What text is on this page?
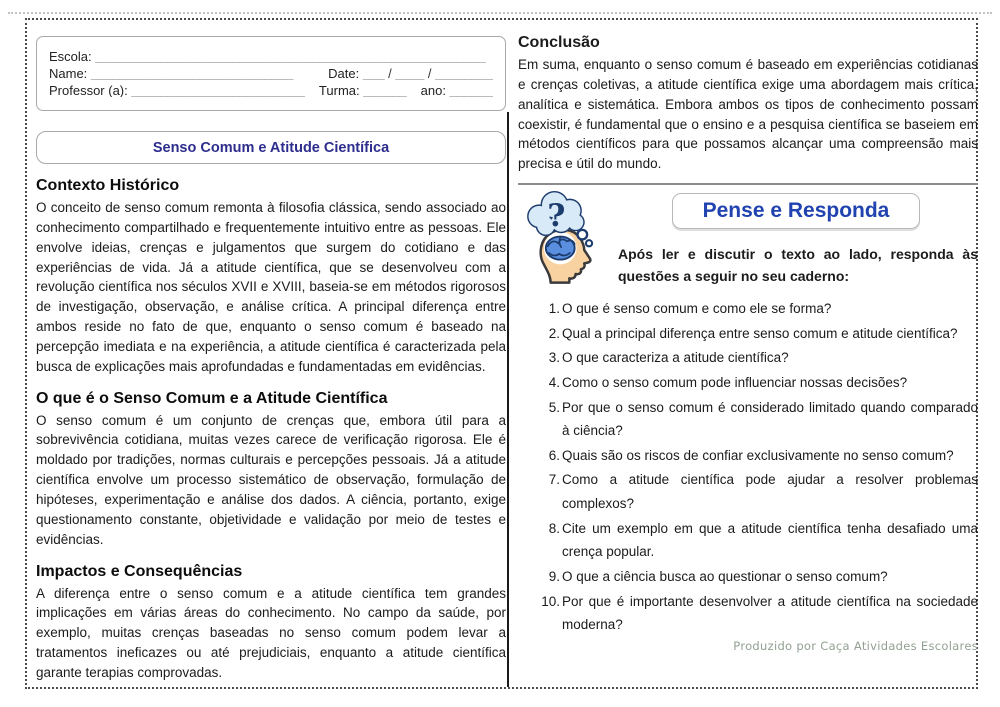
Escola: ______________________________________________________
Name: ____________________________	Date: ___ / ____ / ________
Professor (a): ________________________ Turma: ______ ano: ______
Senso Comum e Atitude Científica
Contexto Histórico
O conceito de senso comum remonta à filosofia clássica, sendo associado ao conhecimento compartilhado e frequentemente intuitivo entre as pessoas. Ele envolve ideias, crenças e julgamentos que surgem do cotidiano e das experiências de vida. Já a atitude científica, que se desenvolveu com a revolução científica nos séculos XVII e XVIII, baseia-se em métodos rigorosos de investigação, observação, e análise crítica. A principal diferença entre ambos reside no fato de que, enquanto o senso comum é baseado na percepção imediata e na experiência, a atitude científica é caracterizada pela busca de explicações mais aprofundadas e fundamentadas em evidências.
O que é o Senso Comum e a Atitude Científica
O senso comum é um conjunto de crenças que, embora útil para a sobrevivência cotidiana, muitas vezes carece de verificação rigorosa. Ele é moldado por tradições, normas culturais e percepções pessoais. Já a atitude científica envolve um processo sistemático de observação, formulação de hipóteses, experimentação e análise dos dados. A ciência, portanto, exige questionamento constante, objetividade e validação por meio de testes e evidências.
Impactos e Consequências
A diferença entre o senso comum e a atitude científica tem grandes implicações em várias áreas do conhecimento. No campo da saúde, por exemplo, muitas crenças baseadas no senso comum podem levar a tratamentos ineficazes ou até prejudiciais, enquanto a atitude científica garante terapias comprovadas.
Conclusão
Em suma, enquanto o senso comum é baseado em experiências cotidianas e crenças coletivas, a atitude científica exige uma abordagem mais crítica, analítica e sistemática. Embora ambos os tipos de conhecimento possam coexistir, é fundamental que o ensino e a pesquisa científica se baseiem em métodos científicos para que possamos alcançar uma compreensão mais precisa e útil do mundo.
?	Pense e Responda
Após ler e discutir o texto ao lado, responda às questões a seguir no seu caderno:
1. O que é senso comum e como ele se forma?
2. Qual a principal diferença entre senso comum e atitude científica?
3. O que caracteriza a atitude científica?
4. Como o senso comum pode influenciar nossas decisões?
5. Por que o senso comum é considerado limitado quando comparado à ciência?
6. Quais são os riscos de confiar exclusivamente no senso comum?
7. Como a atitude científica pode ajudar a resolver problemas complexos?
8. Cite um exemplo em que a atitude científica tenha desafiado uma crença popular.
9. O que a ciência busca ao questionar o senso comum?
10. Por que é importante desenvolver a atitude científica na sociedade moderna?
Produzido por Caça Atividades Escolares
